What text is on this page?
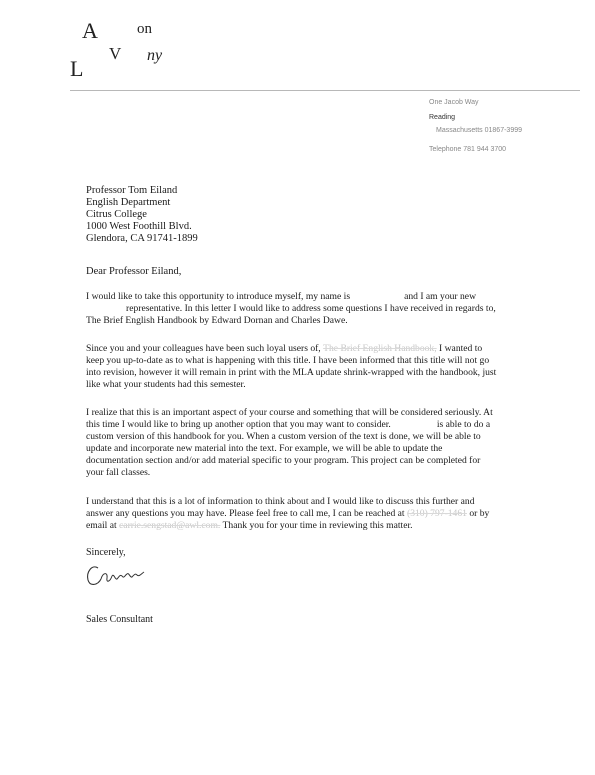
A	on
V ny
L
One Jacob Way
Reading
Massachusetts 01867-3999
Telephone 781 944 3700
Professor Tom Eiland
English Department
Citrus College
1000 West Foothill Blvd.
Glendora, CA 91741-1899
Dear Professor Eiland,
I would like to take this opportunity to introduce myself, my name is	and I am your new
representative. In this letter I would like to address some questions I have received in regards to,
The Brief English Handbook by Edward Dornan and Charles Dawe.
Since you and your colleagues have been such loyal users of, The Brief English Handbook, I wanted to
keep you up-to-date as to what is happening with this title. I have been informed that this title will not go
into revision, however it will remain in print with the MLA update shrink-wrapped with the handbook, just
like what your students had this semester.
I realize that this is an important aspect of your course and something that will be considered seriously. At
this time I would like to bring up another option that you may want to consider.	is able to do a
custom version of this handbook for you. When a custom version of the text is done, we will be able to
update and incorporate new material into the text. For example, we will be able to update the
documentation section and/or add material specific to your program. This project can be completed for
your fall classes.
I understand that this is a lot of information to think about and I would like to discuss this further and
answer any questions you may have. Please feel free to call me, I can be reached at (310) 797-1461 or by
email at carrie.sengstad@awl.com. Thank you for your time in reviewing this matter.
Sincerely,
Sales Consultant
